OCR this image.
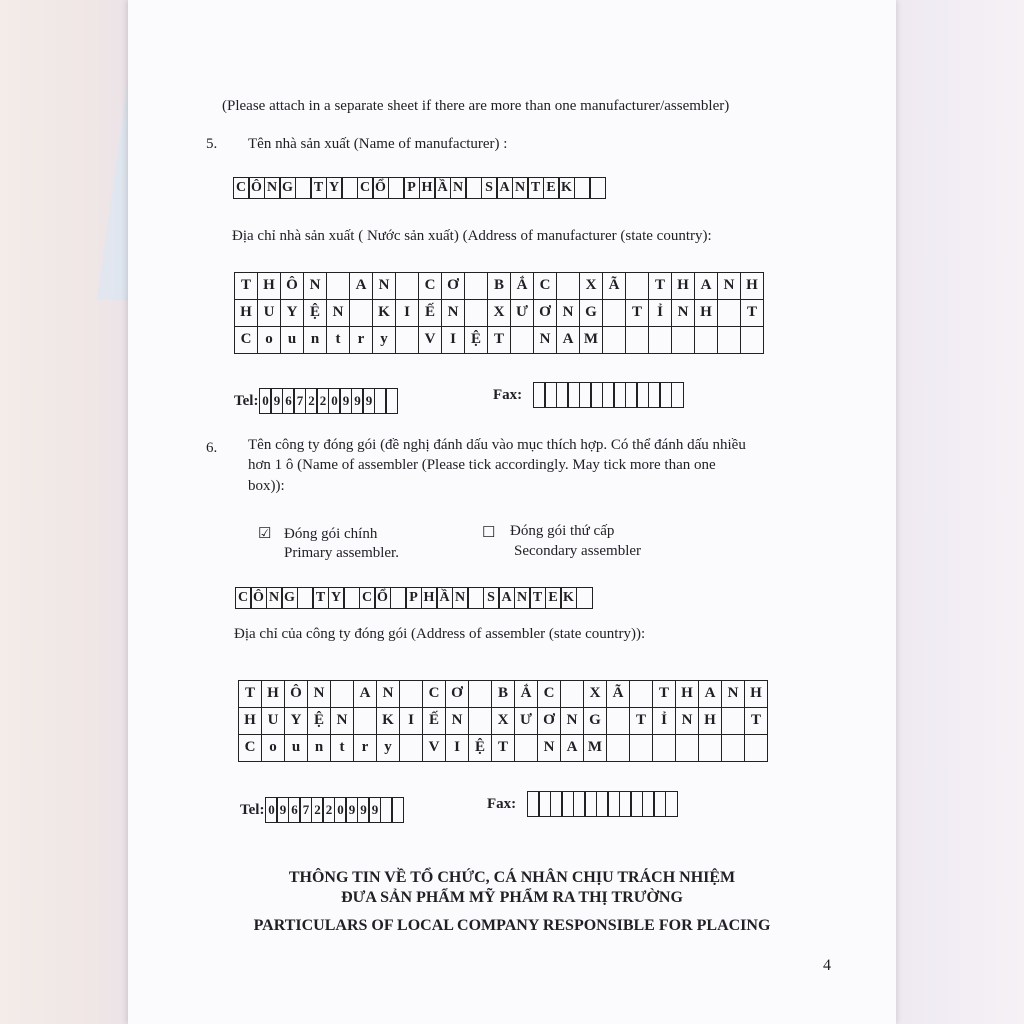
(Please attach in a separate sheet if there are more than one manufacturer/assembler)
5. Tên nhà sản xuất (Name of manufacturer) :
C Ô N G T Y C Ổ	P H Ầ N	S A N T E K
Địa chỉ nhà sản xuất ( Nước sản xuất) (Address of manufacturer (state country):
T H Ô N	A N	C Ơ	B Ắ C	X Ã	T H A N H
H U Y Ệ N	K I	Ế N	X Ư Ơ N G	T	Ỉ N H	T
C o	u n	t	r	y	V I	Ệ T	N A M
Tel: 0 9 6 7 2 2 0 9 9 9	Fax:
6. Tên công ty đóng gói (đề nghị đánh dấu vào mục thích hợp. Có thể đánh dấu nhiều
hơn 1 ô (Name of assembler (Please tick accordingly. May tick more than one
box)):
☑ Đóng gói chính
Primary assembler.
☐ Đóng gói thứ cấp
Secondary assembler
C Ô N G T Y C Ổ	P H Ầ N	S A N T E K
Địa chỉ của công ty đóng gói (Address of assembler (state country)):
T H Ô N	A N	C Ơ	B Ắ C	X Ã	T H A N H
H U Y Ệ N	K I	Ế N	X Ư Ơ N G	T	Ỉ N H	T
C o	u n	t	r	y	V I	Ệ T	N A M
Tel: 0 9 6 7 2 2 0 9 9 9	Fax:
THÔNG TIN VỀ TỔ CHỨC, CÁ NHÂN CHỊU TRÁCH NHIỆM
ĐƯA SẢN PHẨM MỸ PHẨM RA THỊ TRƯỜNG
PARTICULARS OF LOCAL COMPANY RESPONSIBLE FOR PLACING
4
